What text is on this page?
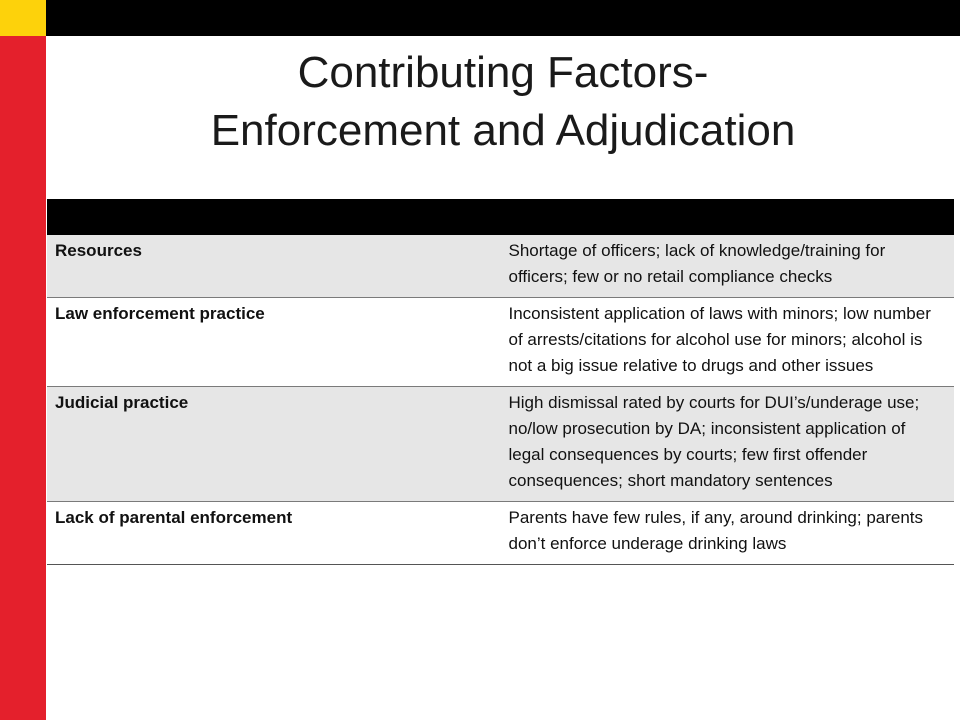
Contributing Factors-
Enforcement and Adjudication

Resources	Shortage of officers; lack of knowledge/training for officers; few or no retail compliance checks
Law enforcement practice	Inconsistent application of laws with minors; low number of arrests/citations for alcohol use for minors; alcohol is not a big issue relative to drugs and other issues
Judicial practice	High dismissal rated by courts for DUI’s/underage use; no/low prosecution by DA; inconsistent application of legal consequences by courts; few first offender consequences; short mandatory sentences
Lack of parental enforcement	Parents have few rules, if any, around drinking; parents don’t enforce underage drinking laws
